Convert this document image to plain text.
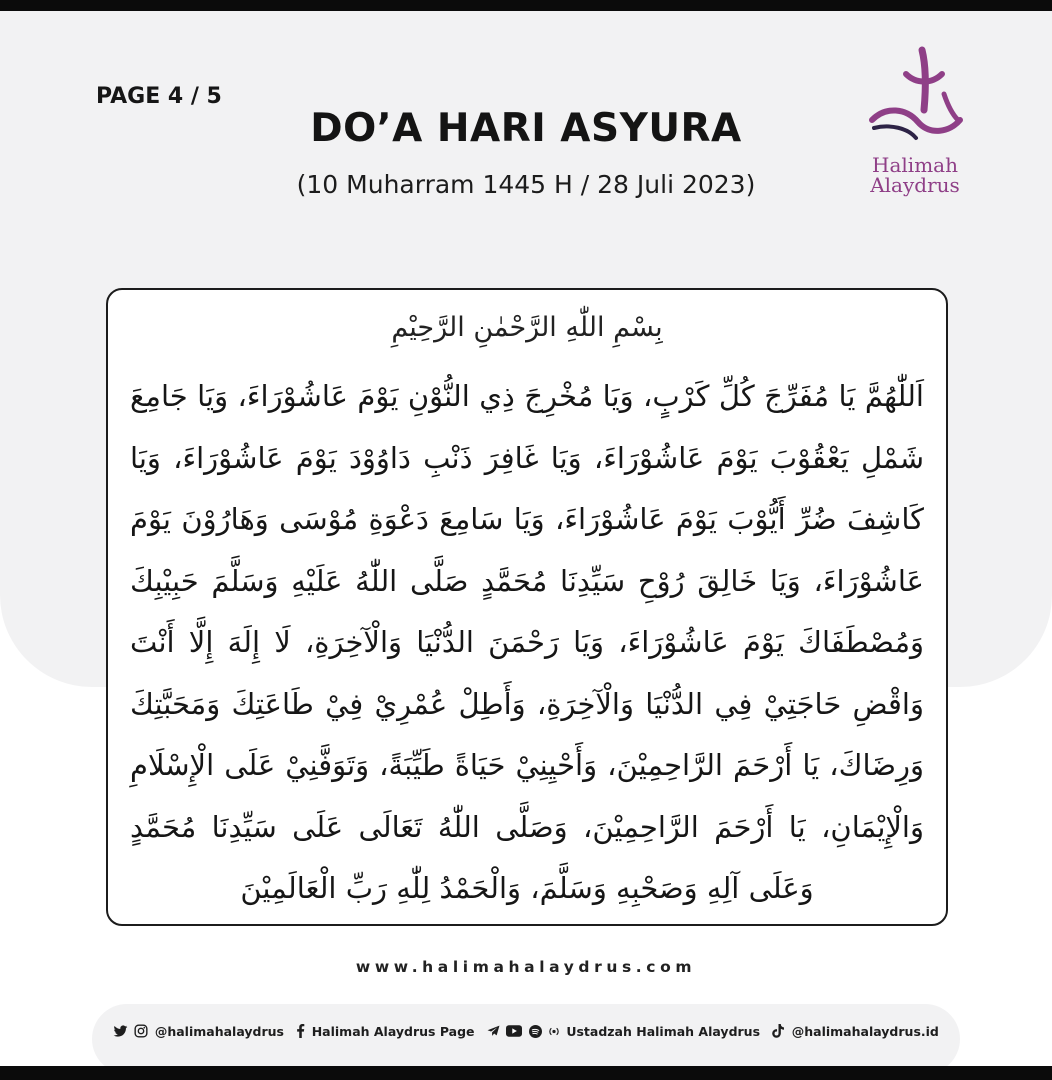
PAGE 4 / 5
DO’A HARI ASYURA
(10 Muharram 1445 H / 28 Juli 2023)
Halimah
Alaydrus
بِسْمِ اللّٰهِ الرَّحْمٰنِ الرَّحِيْمِ
اَللّٰهُمَّ يَا مُفَرِّجَ كُلِّ كَرْبٍ، وَيَا مُخْرِجَ ذِي النُّوْنِ يَوْمَ عَاشُوْرَاءَ، وَيَا جَامِعَ شَمْلِ يَعْقُوْبَ يَوْمَ عَاشُوْرَاءَ، وَيَا غَافِرَ ذَنْبِ دَاوُوْدَ يَوْمَ عَاشُوْرَاءَ، وَيَا كَاشِفَ ضُرِّ أَيُّوْبَ يَوْمَ عَاشُوْرَاءَ، وَيَا سَامِعَ دَعْوَةِ مُوْسَى وَهَارُوْنَ يَوْمَ عَاشُوْرَاءَ، وَيَا خَالِقَ رُوْحِ سَيِّدِنَا مُحَمَّدٍ صَلَّى اللّٰهُ عَلَيْهِ وَسَلَّمَ حَبِيْبِكَ وَمُصْطَفَاكَ يَوْمَ عَاشُوْرَاءَ، وَيَا رَحْمَنَ الدُّنْيَا وَالْآخِرَةِ، لَا إِلَهَ إِلَّا أَنْتَ وَاقْضِ حَاجَتِيْ فِي الدُّنْيَا وَالْآخِرَةِ، وَأَطِلْ عُمْرِيْ فِيْ طَاعَتِكَ وَمَحَبَّتِكَ وَرِضَاكَ، يَا أَرْحَمَ الرَّاحِمِيْنَ، وَأَحْيِنِيْ حَيَاةً طَيِّبَةً، وَتَوَفَّنِيْ عَلَى الْإِسْلَامِ وَالْإِيْمَانِ، يَا أَرْحَمَ الرَّاحِمِيْنَ، وَصَلَّى اللّٰهُ تَعَالَى عَلَى سَيِّدِنَا مُحَمَّدٍ وَعَلَى آلِهِ وَصَحْبِهِ وَسَلَّمَ، وَالْحَمْدُ لِلّٰهِ رَبِّ الْعَالَمِيْنَ
www.halimahalaydrus.com
@halimahalaydrus Halimah Alaydrus Page	Ustadzah Halimah Alaydrus	@halimahalaydrus.id
